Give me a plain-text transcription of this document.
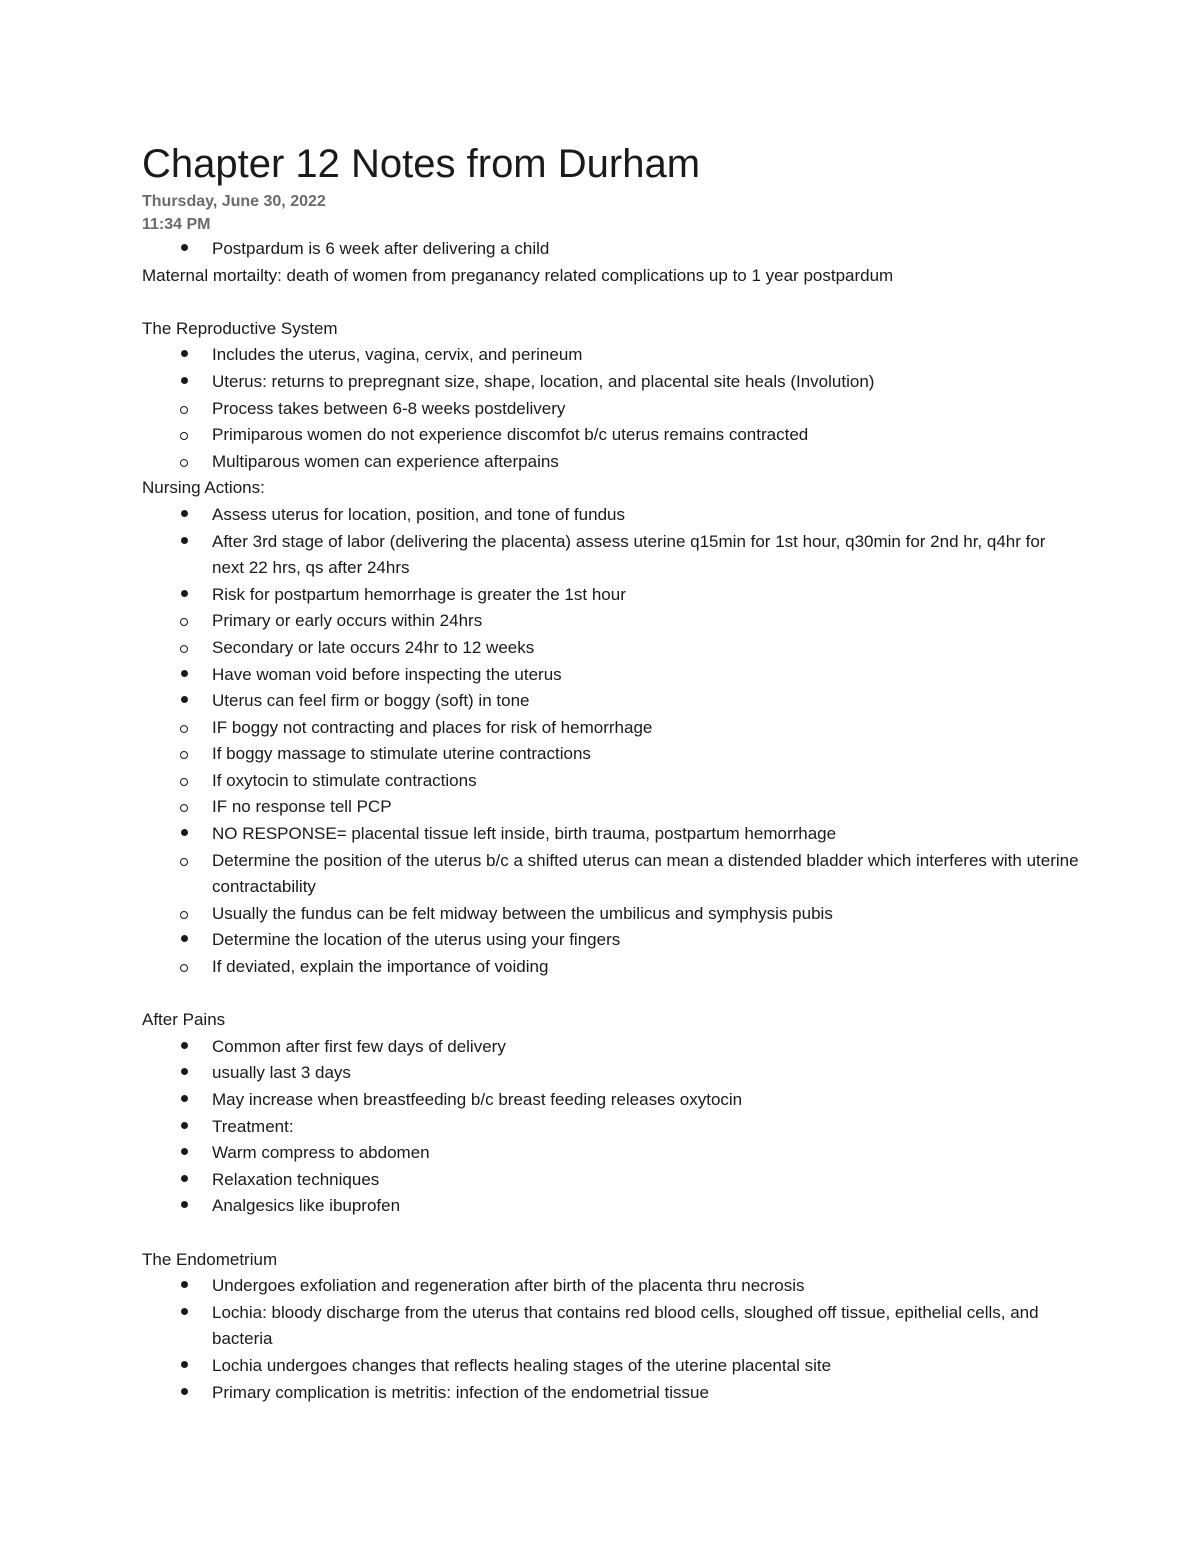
Chapter 12 Notes from Durham
Thursday, June 30, 2022
11:34 PM
Postpardum is 6 week after delivering a child
Maternal mortailty: death of women from preganancy related complications up to 1 year postpardum
The Reproductive System
Includes the uterus, vagina, cervix, and perineum
Uterus: returns to prepregnant size, shape, location, and placental site heals (Involution)
Process takes between 6-8 weeks postdelivery
Primiparous women do not experience discomfot b/c uterus remains contracted
Multiparous women can experience afterpains
Nursing Actions:
Assess uterus for location, position, and tone of fundus
After 3rd stage of labor (delivering the placenta) assess uterine q15min for 1st hour, q30min for 2nd hr, q4hr for next 22 hrs, qs after 24hrs
Risk for postpartum hemorrhage is greater the 1st hour
Primary or early occurs within 24hrs
Secondary or late occurs 24hr to 12 weeks
Have woman void before inspecting the uterus
Uterus can feel firm or boggy (soft) in tone
IF boggy not contracting and places for risk of hemorrhage
If boggy massage to stimulate uterine contractions
If oxytocin to stimulate contractions
IF no response tell PCP
NO RESPONSE= placental tissue left inside, birth trauma, postpartum hemorrhage
Determine the position of the uterus b/c a shifted uterus can mean a distended bladder which interferes with uterine contractability
Usually the fundus can be felt midway between the umbilicus and symphysis pubis
Determine the location of the uterus using your fingers
If deviated, explain the importance of voiding
After Pains
Common after first few days of delivery
usually last 3 days
May increase when breastfeeding b/c breast feeding releases oxytocin
Treatment:
Warm compress to abdomen
Relaxation techniques
Analgesics like ibuprofen
The Endometrium
Undergoes exfoliation and regeneration after birth of the placenta thru necrosis
Lochia: bloody discharge from the uterus that contains red blood cells, sloughed off tissue, epithelial cells, and bacteria
Lochia undergoes changes that reflects healing stages of the uterine placental site
Primary complication is metritis: infection of the endometrial tissue
